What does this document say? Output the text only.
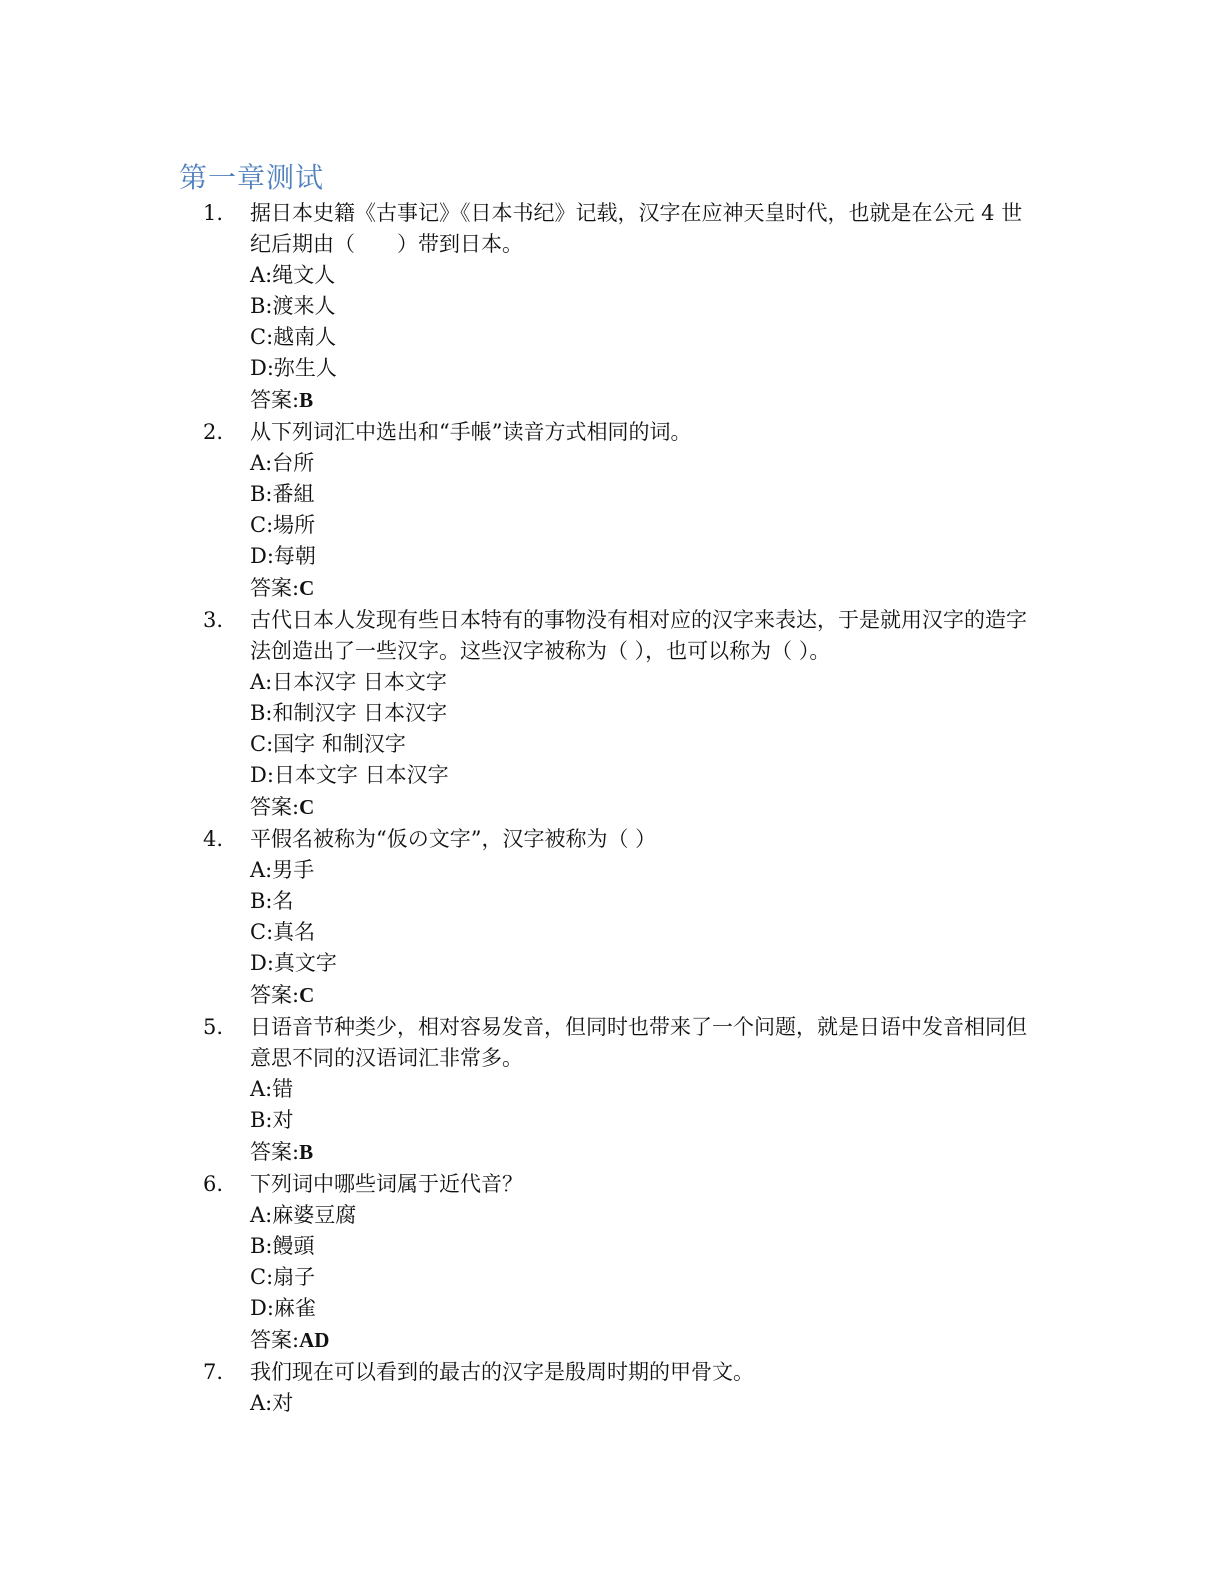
第一章测试
1. 据日本史籍《古事记》《日本书纪》记载，汉字在应神天皇时代，也就是在公元 4 世纪后期由（　　）带到日本。
A:绳文人
B:渡来人
C:越南人
D:弥生人
答案:B
2. 从下列词汇中选出和“手帳”读音方式相同的词。
A:台所
B:番組
C:場所
D:每朝
答案:C
3. 古代日本人发现有些日本特有的事物没有相对应的汉字来表达，于是就用汉字的造字法创造出了一些汉字。这些汉字被称为（ ），也可以称为（ ）。
A:日本汉字 日本文字
B:和制汉字 日本汉字
C:国字 和制汉字
D:日本文字 日本汉字
答案:C
4. 平假名被称为“仮の文字”，汉字被称为（ ）
A:男手
B:名
C:真名
D:真文字
答案:C
5. 日语音节种类少，相对容易发音，但同时也带来了一个问题，就是日语中发音相同但意思不同的汉语词汇非常多。
A:错
B:对
答案:B
6. 下列词中哪些词属于近代音？
A:麻婆豆腐
B:饅頭
C:扇子
D:麻雀
答案:AD
7. 我们现在可以看到的最古的汉字是殷周时期的甲骨文。
A:对
